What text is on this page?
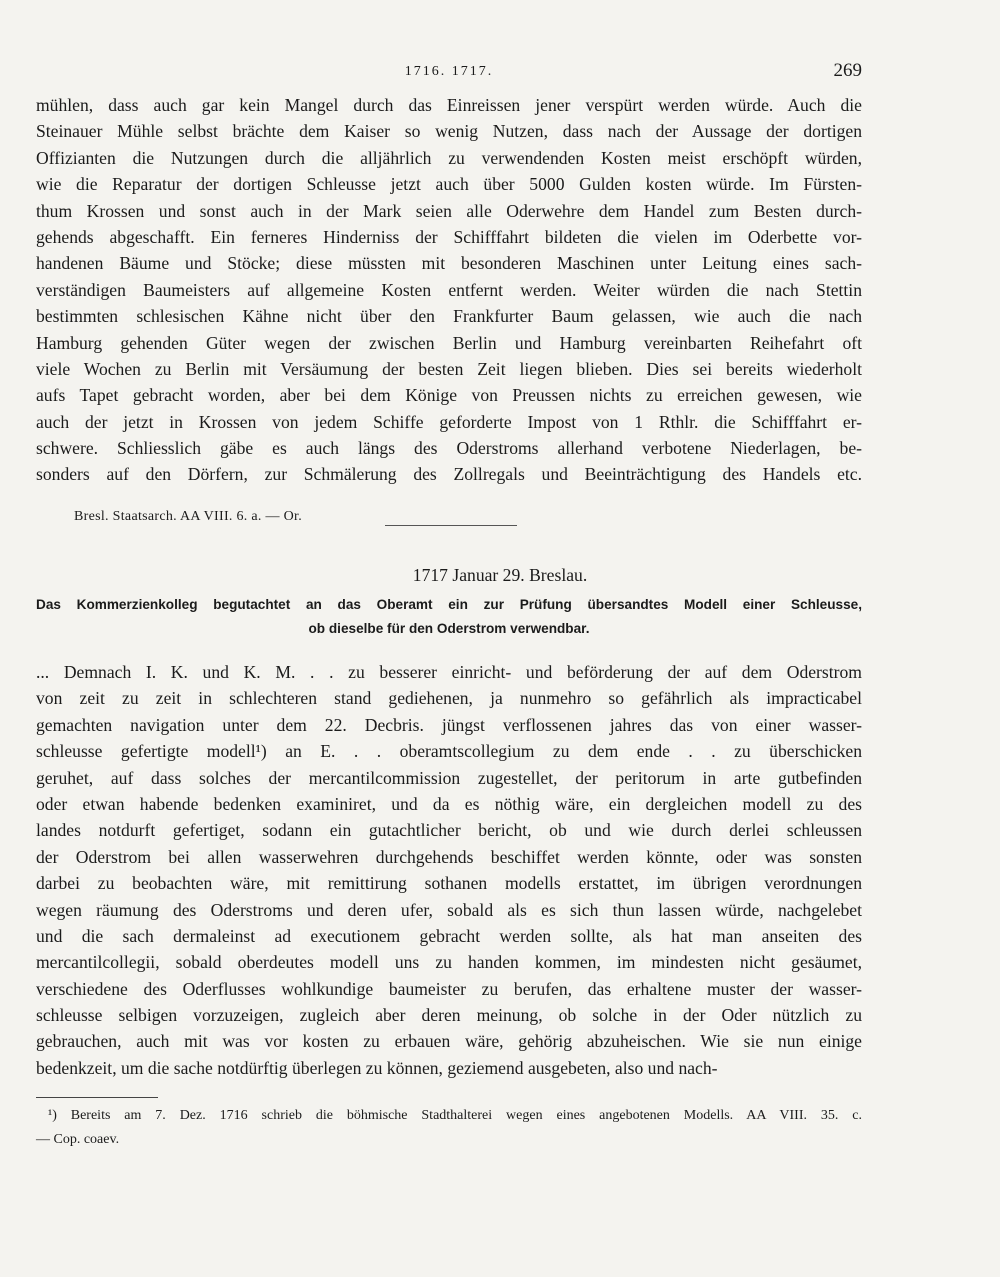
1716. 1717.	269
mühlen, dass auch gar kein Mangel durch das Einreissen jener verspürt werden würde. Auch die
Steinauer Mühle selbst brächte dem Kaiser so wenig Nutzen, dass nach der Aussage der dortigen
Offizianten die Nutzungen durch die alljährlich zu verwendenden Kosten meist erschöpft würden,
wie die Reparatur der dortigen Schleusse jetzt auch über 5000 Gulden kosten würde. Im Fürsten-
thum Krossen und sonst auch in der Mark seien alle Oderwehre dem Handel zum Besten durch-
gehends abgeschafft. Ein ferneres Hinderniss der Schifffahrt bildeten die vielen im Oderbette vor-
handenen Bäume und Stöcke; diese müssten mit besonderen Maschinen unter Leitung eines sach-
verständigen Baumeisters auf allgemeine Kosten entfernt werden. Weiter würden die nach Stettin
bestimmten schlesischen Kähne nicht über den Frankfurter Baum gelassen, wie auch die nach
Hamburg gehenden Güter wegen der zwischen Berlin und Hamburg vereinbarten Reihefahrt oft
viele Wochen zu Berlin mit Versäumung der besten Zeit liegen blieben. Dies sei bereits wiederholt
aufs Tapet gebracht worden, aber bei dem Könige von Preussen nichts zu erreichen gewesen, wie
auch der jetzt in Krossen von jedem Schiffe geforderte Impost von 1 Rthlr. die Schifffahrt er-
schwere. Schliesslich gäbe es auch längs des Oderstroms allerhand verbotene Niederlagen, be-
sonders auf den Dörfern, zur Schmälerung des Zollregals und Beeinträchtigung des Handels etc.
Bresl. Staatsarch. AA VIII. 6. a. — Or.
1717 Januar 29. Breslau.
Das Kommerzienkolleg begutachtet an das Oberamt ein zur Prüfung übersandtes Modell einer Schleusse,
ob dieselbe für den Oderstrom verwendbar.
... Demnach I. K. und K. M. . . zu besserer einricht- und beförderung der auf dem Oderstrom
von zeit zu zeit in schlechteren stand gediehenen, ja nunmehro so gefährlich als impracticabel
gemachten navigation unter dem 22. Decbris. jüngst verflossenen jahres das von einer wasser-
schleusse gefertigte modell¹) an E. . . oberamtscollegium zu dem ende . . zu überschicken
geruhet, auf dass solches der mercantilcommission zugestellet, der peritorum in arte gutbefinden
oder etwan habende bedenken examiniret, und da es nöthig wäre, ein dergleichen modell zu des
landes notdurft gefertiget, sodann ein gutachtlicher bericht, ob und wie durch derlei schleussen
der Oderstrom bei allen wasserwehren durchgehends beschiffet werden könnte, oder was sonsten
darbei zu beobachten wäre, mit remittirung sothanen modells erstattet, im übrigen verordnungen
wegen räumung des Oderstroms und deren ufer, sobald als es sich thun lassen würde, nachgelebet
und die sach dermaleinst ad executionem gebracht werden sollte, als hat man anseiten des
mercantilcollegii, sobald oberdeutes modell uns zu handen kommen, im mindesten nicht gesäumet,
verschiedene des Oderflusses wohlkundige baumeister zu berufen, das erhaltene muster der wasser-
schleusse selbigen vorzuzeigen, zugleich aber deren meinung, ob solche in der Oder nützlich zu
gebrauchen, auch mit was vor kosten zu erbauen wäre, gehörig abzuheischen. Wie sie nun einige
bedenkzeit, um die sache notdürftig überlegen zu können, geziemend ausgebeten, also und nach-
¹) Bereits am 7. Dez. 1716 schrieb die böhmische Stadthalterei wegen eines angebotenen Modells. AA VIII. 35. c.
— Cop. coaev.
